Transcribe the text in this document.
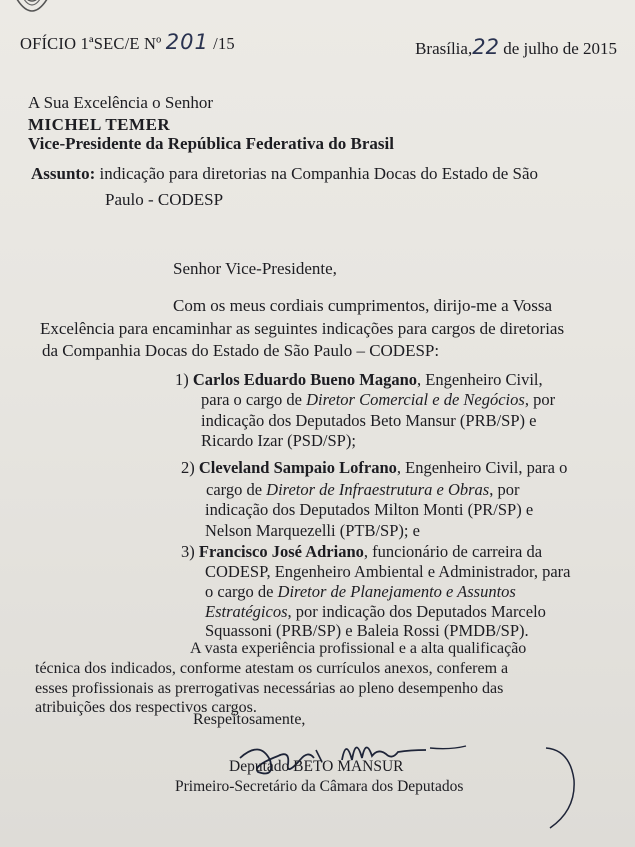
OFÍCIO 1ªSEC/E Nº 201 /15	Brasília,22 de julho de 2015
A Sua Excelência o Senhor
MICHEL TEMER
Vice-Presidente da República Federativa do Brasil
Assunto: indicação para diretorias na Companhia Docas do Estado de São
Paulo - CODESP
Senhor Vice-Presidente,
Com os meus cordiais cumprimentos, dirijo-me a Vossa
Excelência para encaminhar as seguintes indicações para cargos de diretorias
da Companhia Docas do Estado de São Paulo – CODESP:
1) Carlos Eduardo Bueno Magano, Engenheiro Civil,
para o cargo de Diretor Comercial e de Negócios, por
indicação dos Deputados Beto Mansur (PRB/SP) e
Ricardo Izar (PSD/SP);
2) Cleveland Sampaio Lofrano, Engenheiro Civil, para o
cargo de Diretor de Infraestrutura e Obras, por
indicação dos Deputados Milton Monti (PR/SP) e
Nelson Marquezelli (PTB/SP); e
3) Francisco José Adriano, funcionário de carreira da
CODESP, Engenheiro Ambiental e Administrador, para
o cargo de Diretor de Planejamento e Assuntos
Estratégicos, por indicação dos Deputados Marcelo
Squassoni (PRB/SP) e Baleia Rossi (PMDB/SP).
A vasta experiência profissional e a alta qualificação
técnica dos indicados, conforme atestam os currículos anexos, conferem a
esses profissionais as prerrogativas necessárias ao pleno desempenho das
atribuições dos respectivos cargos.
Respeitosamente,
Deputado BETO MANSUR
Primeiro-Secretário da Câmara dos Deputados
